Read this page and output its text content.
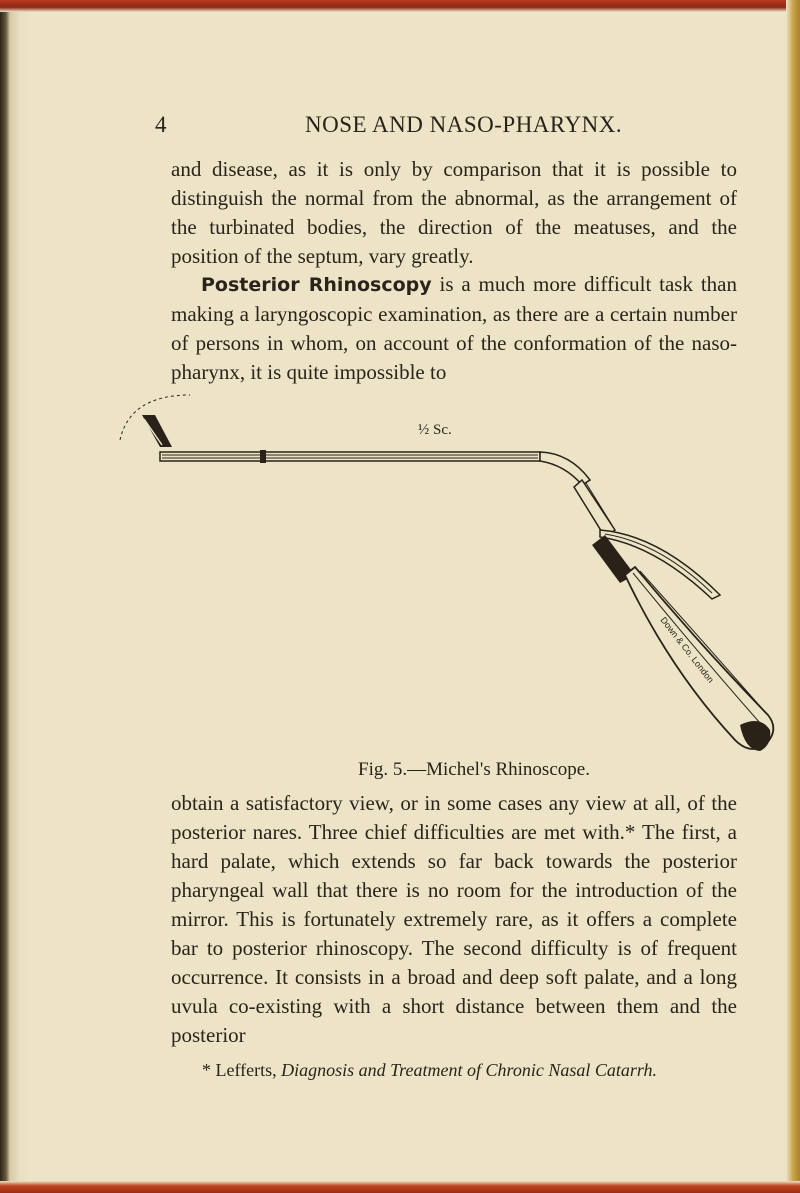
4	NOSE AND NASO-PHARYNX.
and disease, as it is only by comparison that it is possible to distinguish the normal from the abnormal, as the arrangement of the turbinated bodies, the direction of the meatuses, and the position of the septum, vary greatly.
Posterior Rhinoscopy is a much more difficult task than making a laryngoscopic examination, as there are a certain number of persons in whom, on account of the conformation of the naso-pharynx, it is quite impossible to
Down & Co. London
½ Sc.
Fig. 5.—Michel's Rhinoscope.
obtain a satisfactory view, or in some cases any view at all, of the posterior nares. Three chief difficulties are met with.* The first, a hard palate, which extends so far back towards the posterior pharyngeal wall that there is no room for the introduction of the mirror. This is fortunately extremely rare, as it offers a complete bar to posterior rhinoscopy. The second difficulty is of frequent occurrence. It consists in a broad and deep soft palate, and a long uvula co-existing with a short distance between them and the posterior
* Lefferts, Diagnosis and Treatment of Chronic Nasal Catarrh.
